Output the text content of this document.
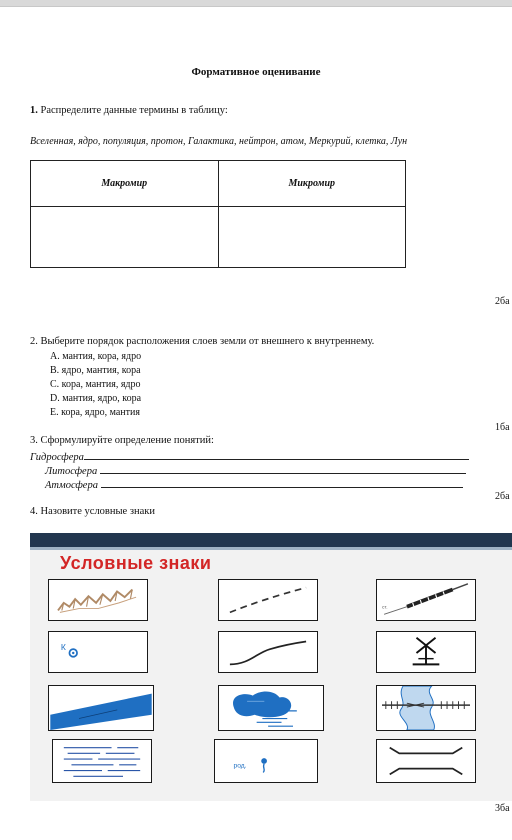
Формативное оценивание
1. Распределите данные термины в таблицу:
Вселенная, ядро, популяция, протон, Галактика, нейтрон, атом, Меркурий, клетка, Лун
Макромир	Микромир

2ба
2. Выберите порядок расположения слоев земли от внешнего к внутреннему.
A. мантия, кора, ядро
B. ядро, мантия, кора
C. кора, мантия, ядро
D. мантия, ядро, кора
E. кора, ядро, мантия
1ба
3. Сформулируйте определение понятий:
Гидросфера
Литосфера
Атмосфера
2ба
4. Назовите условные знаки
Условные знаки
ст.
К
род.
3ба
